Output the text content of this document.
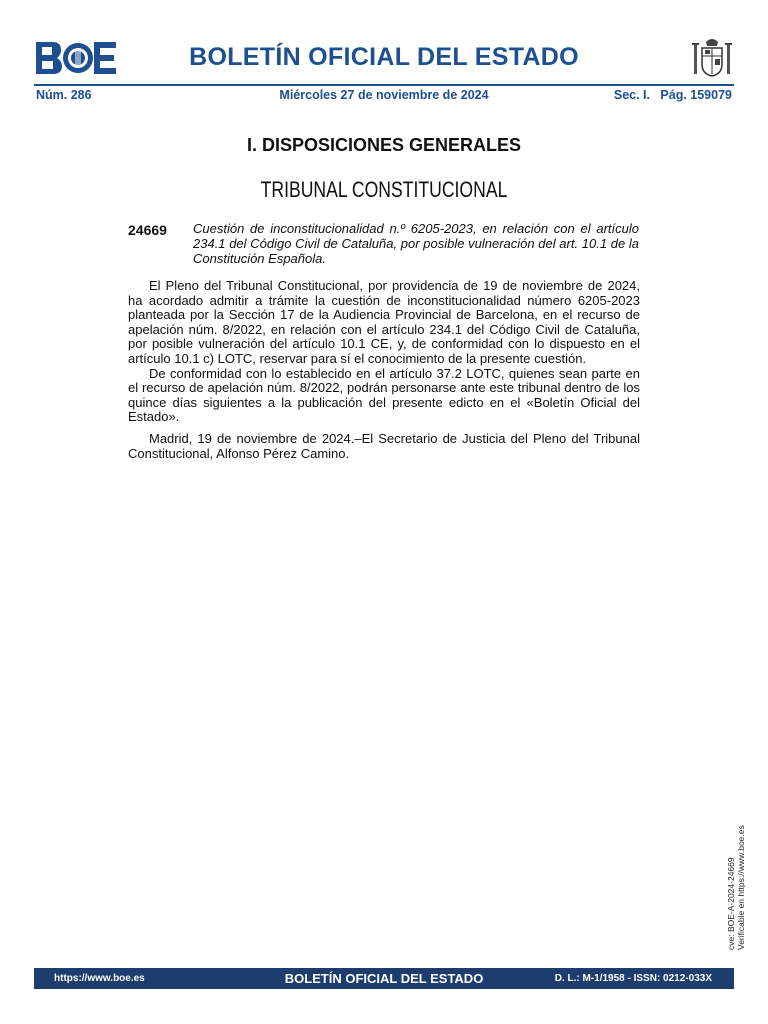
BOLETÍN OFICIAL DEL ESTADO
Núm. 286	Miércoles 27 de noviembre de 2024	Sec. I.   Pág. 159079
I. DISPOSICIONES GENERALES
TRIBUNAL CONSTITUCIONAL
24669 Cuestión de inconstitucionalidad n.º 6205-2023, en relación con el artículo 234.1 del Código Civil de Cataluña, por posible vulneración del art. 10.1 de la Constitución Española.

El Pleno del Tribunal Constitucional, por providencia de 19 de noviembre de 2024, ha acordado admitir a trámite la cuestión de inconstitucionalidad número 6205-2023 planteada por la Sección 17 de la Audiencia Provincial de Barcelona, en el recurso de apelación núm. 8/2022, en relación con el artículo 234.1 del Código Civil de Cataluña, por posible vulneración del artículo 10.1 CE, y, de conformidad con lo dispuesto en el artículo 10.1 c) LOTC, reservar para sí el conocimiento de la presente cuestión.

De conformidad con lo establecido en el artículo 37.2 LOTC, quienes sean parte en el recurso de apelación núm. 8/2022, podrán personarse ante este tribunal dentro de los quince días siguientes a la publicación del presente edicto en el «Boletín Oficial del Estado».

Madrid, 19 de noviembre de 2024.–El Secretario de Justicia del Pleno del Tribunal Constitucional, Alfonso Pérez Camino.

cve: BOE-A-2024-24669 Verificable en https://www.boe.es
https://www.boe.es	BOLETÍN OFICIAL DEL ESTADO	D. L.: M-1/1958 - ISSN: 0212-033X
